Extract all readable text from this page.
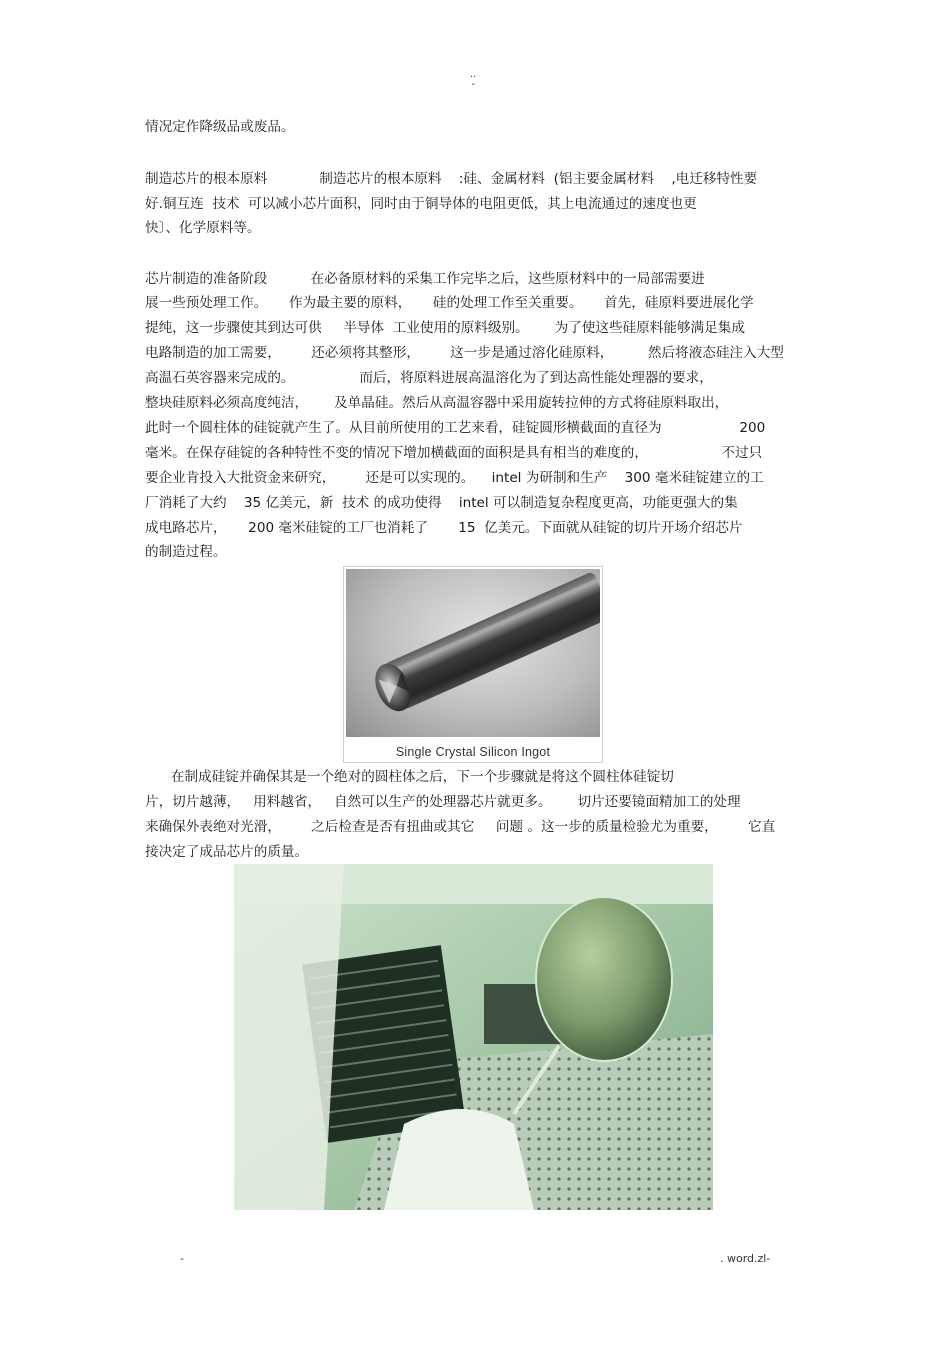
..
-

情况定作降级品或废品。

制造芯片的根本原料            制造芯片的根本原料    :硅、金属材料  (铝主要金属材料    ,电迁移特性要

好.铜互连  技术  可以减小芯片面积，同时由于铜导体的电阻更低，其上电流通过的速度也更

快〕、化学原料等。

芯片制造的准备阶段          在必备原材料的采集工作完毕之后，这些原材料中的一局部需要进

展一些预处理工作。     作为最主要的原料，     硅的处理工作至关重要。     首先，硅原料要进展化学

提纯，这一步骤使其到达可供     半导体  工业使用的原料级别。      为了使这些硅原料能够满足集成

电路制造的加工需要，       还必须将其整形，       这一步是通过溶化硅原料，        然后将液态硅注入大型

高温石英容器来完成的。               而后，将原料进展高温溶化为了到达高性能处理器的要求，

整块硅原料必须高度纯洁，      及单晶硅。然后从高温容器中采用旋转拉伸的方式将硅原料取出，

此时一个圆柱体的硅锭就产生了。从目前所使用的工艺来看，硅锭圆形横截面的直径为                  200

毫米。在保存硅锭的各种特性不变的情况下增加横截面的面积是具有相当的难度的，                 不过只

要企业肯投入大批资金来研究，       还是可以实现的。    intel 为研制和生产    300 毫米硅锭建立的工

厂消耗了大约    35 亿美元，新  技术 的成功使得    intel 可以制造复杂程度更高，功能更强大的集

成电路芯片，     200 毫米硅锭的工厂也消耗了       15  亿美元。下面就从硅锭的切片开场介绍芯片

的制造过程。

Single Crystal Silicon Ingot

在制成硅锭并确保其是一个绝对的圆柱体之后，下一个步骤就是将这个圆柱体硅锭切

片，切片越薄，   用料越省，   自然可以生产的处理器芯片就更多。      切片还要镜面精加工的处理

来确保外表绝对光滑，       之后检查是否有扭曲或其它     问题 。这一步的质量检验尤为重要，       它直

接决定了成品芯片的质量。

-	. word.zl-
